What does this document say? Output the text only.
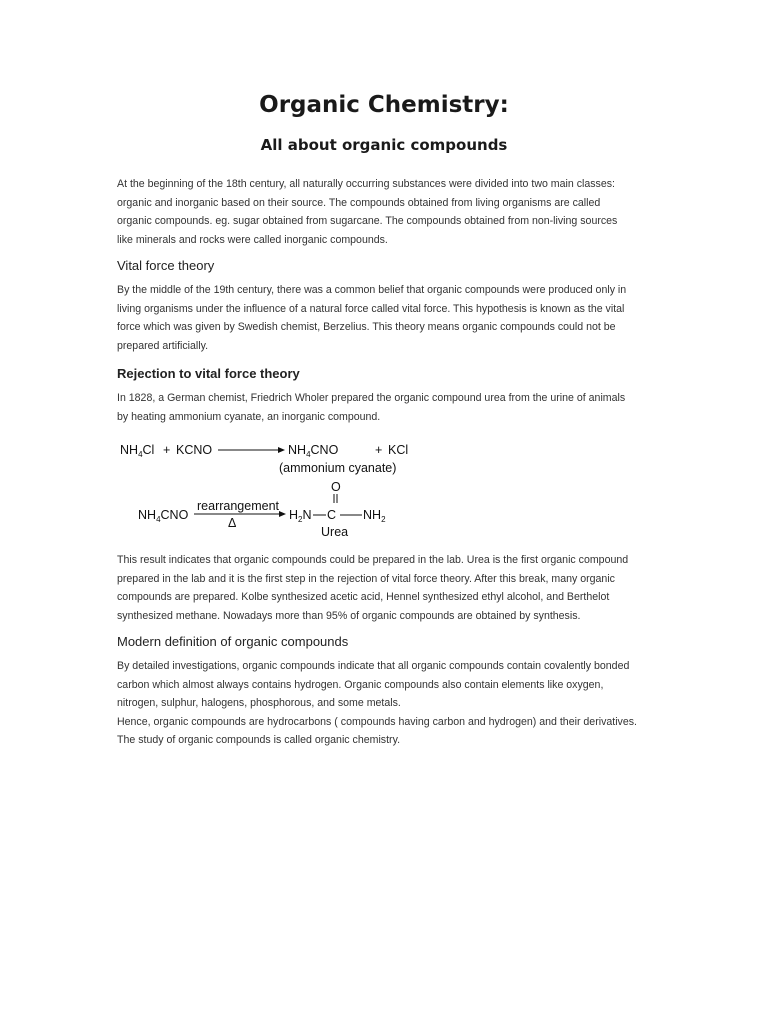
Organic Chemistry:
All about organic compounds

At the beginning of the 18th century, all naturally occurring substances were divided into two main classes:

organic and inorganic based on their source. The compounds obtained from living organisms are called

organic compounds. eg. sugar obtained from sugarcane. The compounds obtained from non-living sources

like minerals and rocks were called inorganic compounds.

Vital force theory

By the middle of the 19th century, there was a common belief that organic compounds were produced only in

living organisms under the influence of a natural force called vital force. This hypothesis is known as the vital

force which was given by Swedish chemist, Berzelius. This theory means organic compounds could not be

prepared artificially.

Rejection to vital force theory

In 1828, a German chemist, Friedrich Wholer prepared the organic compound urea from the urine of animals

by heating ammonium cyanate, an inorganic compound.

$NH_4Cl$ + KCNO	$NH_4CNO$	+ KCl
(ammonium cyanate)
$NH_4CNO$
rearrangement
Δ
$H_2N$ C
O
$NH_2$
Urea

This result indicates that organic compounds could be prepared in the lab. Urea is the first organic compound

prepared in the lab and it is the first step in the rejection of vital force theory. After this break, many organic

compounds are prepared. Kolbe synthesized acetic acid, Hennel synthesized ethyl alcohol, and Berthelot

synthesized methane. Nowadays more than 95% of organic compounds are obtained by synthesis.

Modern definition of organic compounds

By detailed investigations, organic compounds indicate that all organic compounds contain covalently bonded

carbon which almost always contains hydrogen. Organic compounds also contain elements like oxygen,

nitrogen, sulphur, halogens, phosphorous, and some metals.

Hence, organic compounds are hydrocarbons ( compounds having carbon and hydrogen) and their derivatives.

The study of organic compounds is called organic chemistry.
